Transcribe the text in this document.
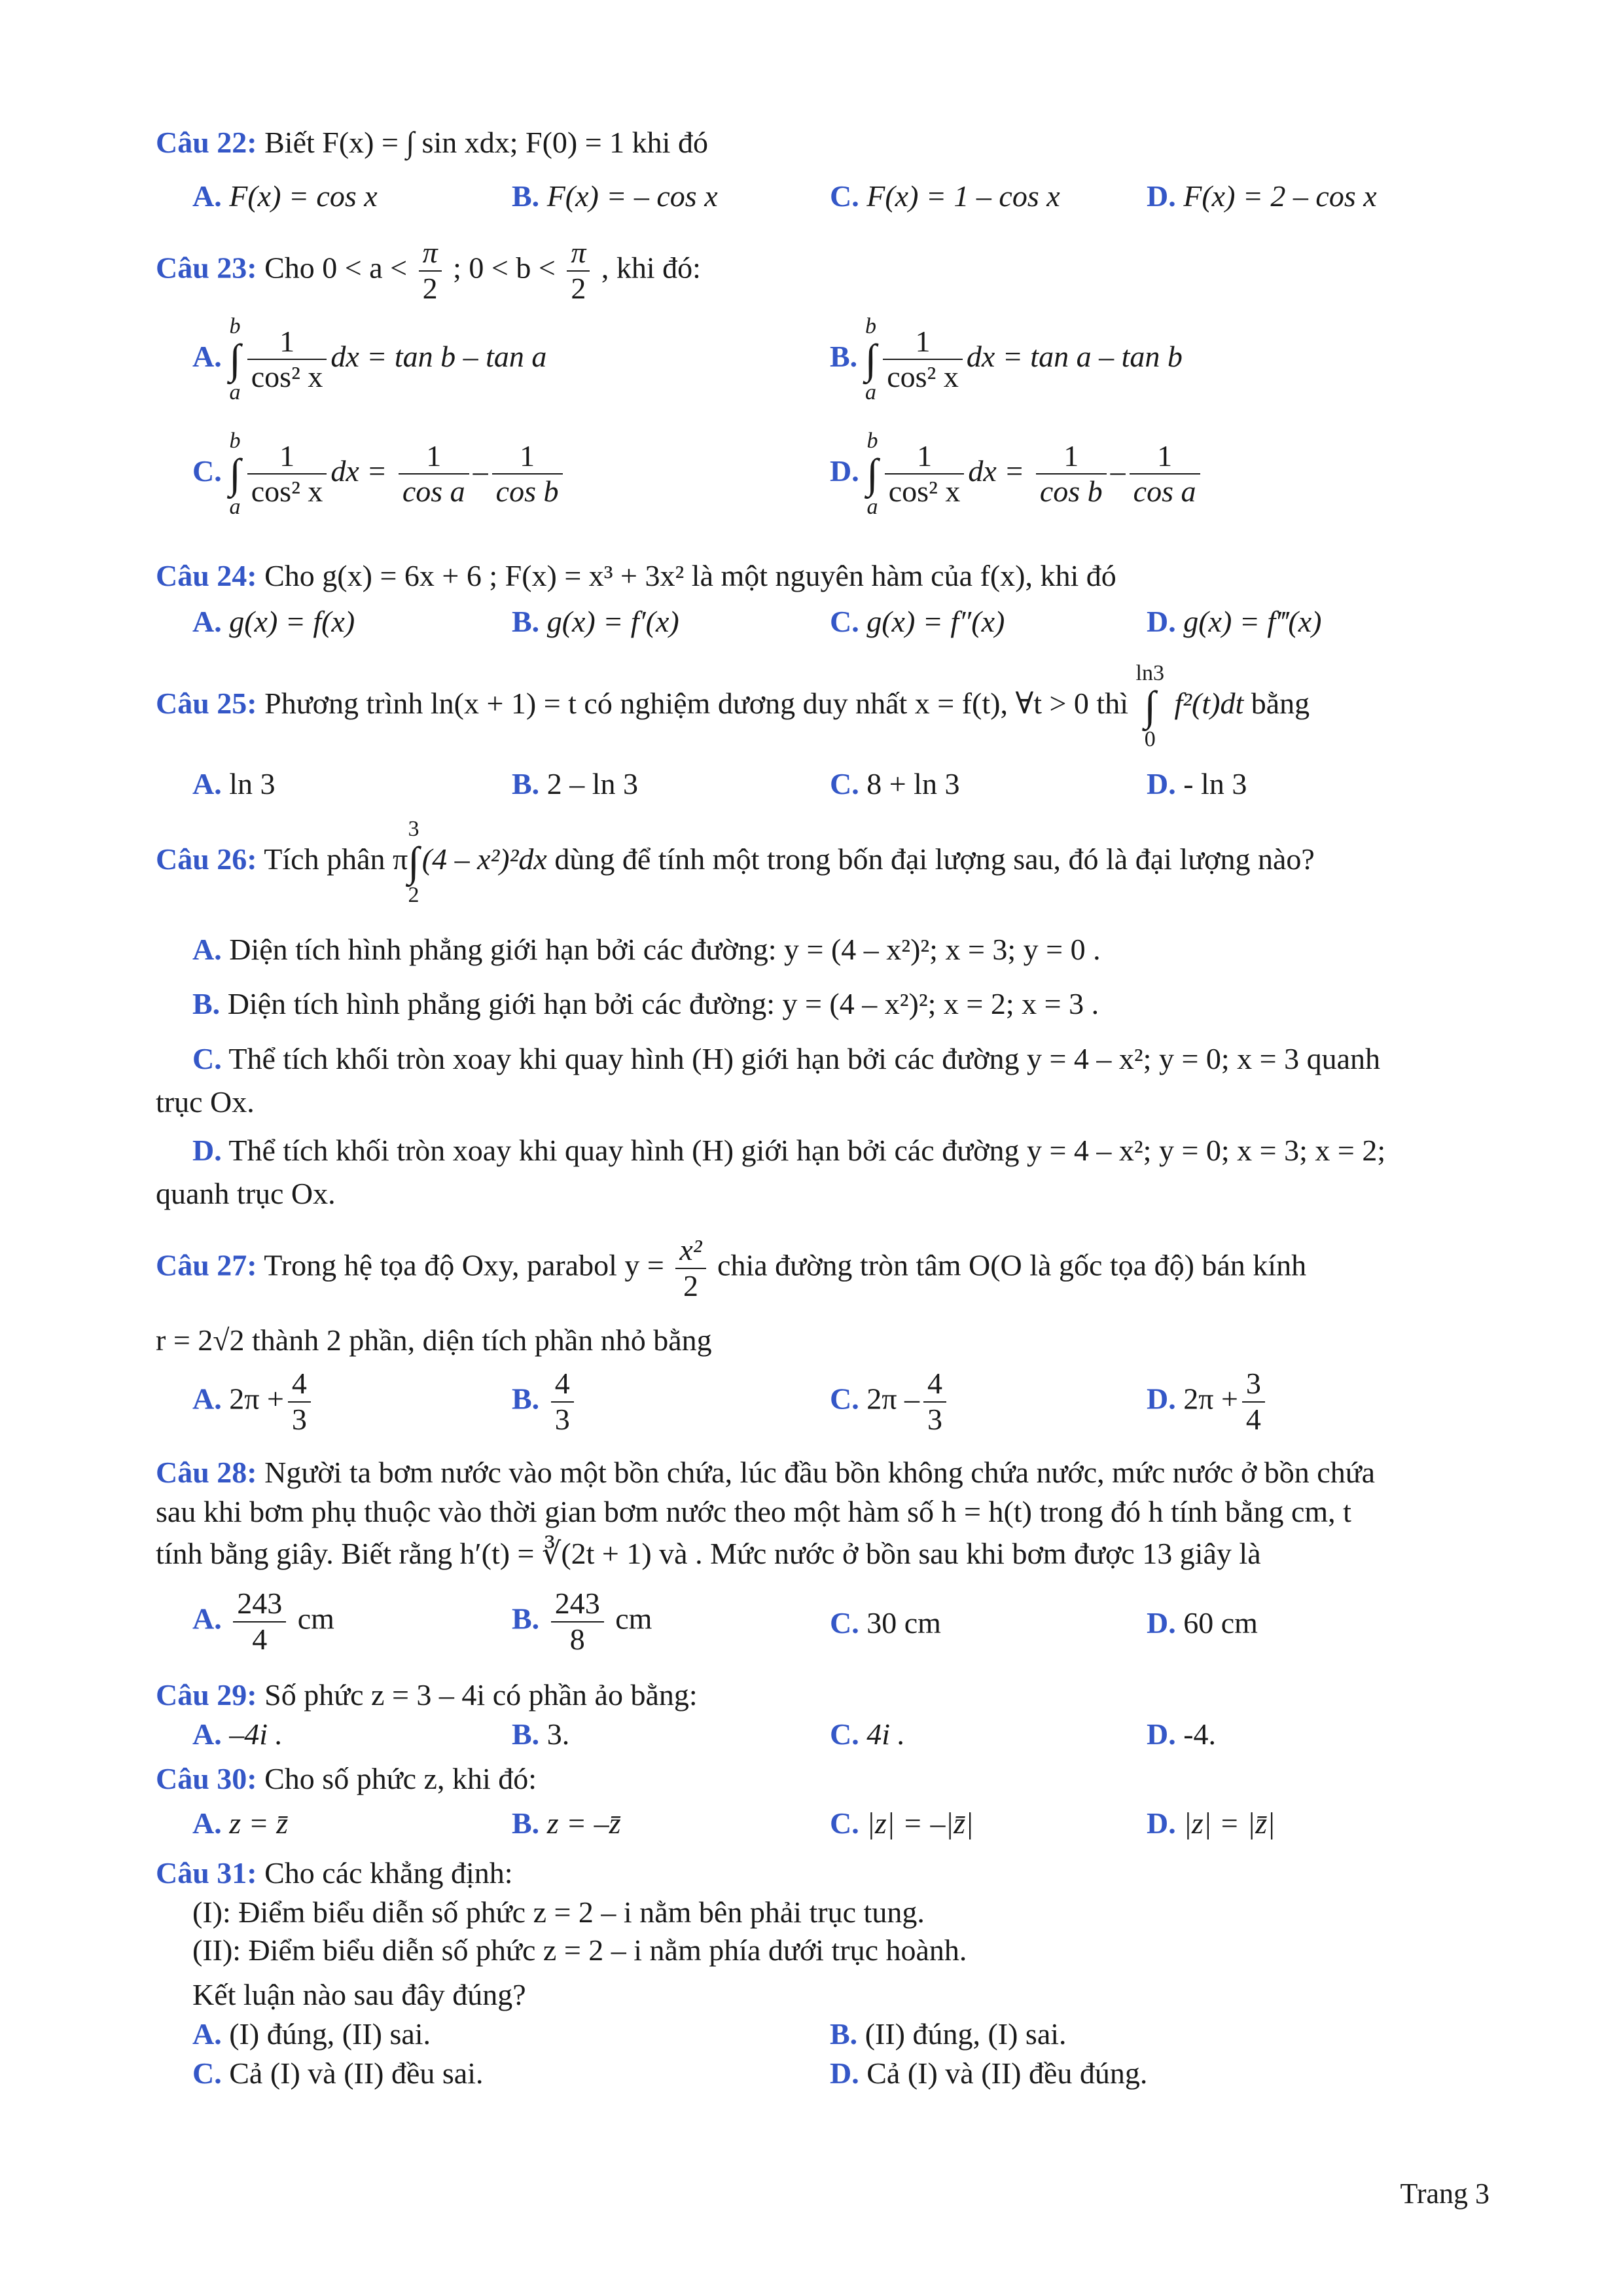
Câu 22: Biết F(x) = ∫ sin xdx; F(0) = 1 khi đó
A. F(x) = cos x	B. F(x) = – cos x	C. F(x) = 1 – cos x	D. F(x) = 2 – cos x
Câu 23: Cho $0 < a < \frac{\pi}{2}$ ; $0 < b < \frac{\pi}{2}$ , khi đó:
A. b
∫
a $\frac{1}{\text{cos² x}}$ dx = tan b – tan a	B. b
∫
a $\frac{1}{\text{cos² x}}$ dx = tan a – tan b
C. b
∫
a $\frac{1}{\text{cos² x}}$ dx = $\frac{1}{\text{cos a}} - \frac{1}{\text{cos b}}$	D. b
∫
a $\frac{1}{\text{cos² x}}$ dx = $\frac{1}{\text{cos b}} - \frac{1}{\text{cos a}}$
Câu 24: Cho g(x) = 6x + 6 ; F(x) = x³ + 3x² là một nguyên hàm của f(x), khi đó
A. g(x) = f(x)	B. g(x) = f′(x)	C. g(x) = f″(x)	D. g(x) = f‴(x)
Câu 25: Phương trình ln(x + 1) = t có nghiệm dương duy nhất x = f(t), ∀t > 0 thì ln3
∫
0 f²(t)dt bằng
A. ln 3	B. 2 – ln 3	C. 8 + ln 3	D. - ln 3
Câu 26: Tích phân π3
∫
2(4 – x²)²dx dùng để tính một trong bốn đại lượng sau, đó là đại lượng nào?
A. Diện tích hình phẳng giới hạn bởi các đường: y = (4 – x²)²; x = 3; y = 0 .
B. Diện tích hình phẳng giới hạn bởi các đường: y = (4 – x²)²; x = 2; x = 3 .
C. Thể tích khối tròn xoay khi quay hình (H) giới hạn bởi các đường y = 4 – x²; y = 0; x = 3 quanh
trục Ox.
D. Thể tích khối tròn xoay khi quay hình (H) giới hạn bởi các đường y = 4 – x²; y = 0; x = 3; x = 2;
quanh trục Ox.
Câu 27: Trong hệ tọa độ Oxy, parabol $y = \frac{\text{x²}}{2}$ chia đường tròn tâm O(O là gốc tọa độ) bán kính
r = 2√2 thành 2 phần, diện tích phần nhỏ bằng
A. $2\pi + \frac{4}{3}$	B. $\frac{4}{3}$	C. $2\pi - \frac{4}{3}$	D. $2\pi + \frac{3}{4}$
Câu 28: Người ta bơm nước vào một bồn chứa, lúc đầu bồn không chứa nước, mức nước ở bồn chứa
sau khi bơm phụ thuộc vào thời gian bơm nước theo một hàm số h = h(t) trong đó h tính bằng cm, t
tính bằng giây. Biết rằng h′(t) = ∛(2t + 1) và . Mức nước ở bồn sau khi bơm được 13 giây là
A. $\frac{243}{4}$ cm	B. $\frac{243}{8}$ cm	C. 30 cm	D. 60 cm
Câu 29: Số phức z = 3 – 4i có phần ảo bằng:
A. –4i .	B. 3.	C. 4i .	D. -4.
Câu 30: Cho số phức z, khi đó:
A. z = z̄	B. z = –z̄	C. |z| = –|z̄|	D. |z| = |z̄|
Câu 31: Cho các khẳng định:
(I): Điểm biểu diễn số phức z = 2 – i nằm bên phải trục tung.
(II): Điểm biểu diễn số phức z = 2 – i nằm phía dưới trục hoành.
Kết luận nào sau đây đúng?
A. (I) đúng, (II) sai.	B. (II) đúng, (I) sai.
C. Cả (I) và (II) đều sai.	D. Cả (I) và (II) đều đúng.
Trang 3
